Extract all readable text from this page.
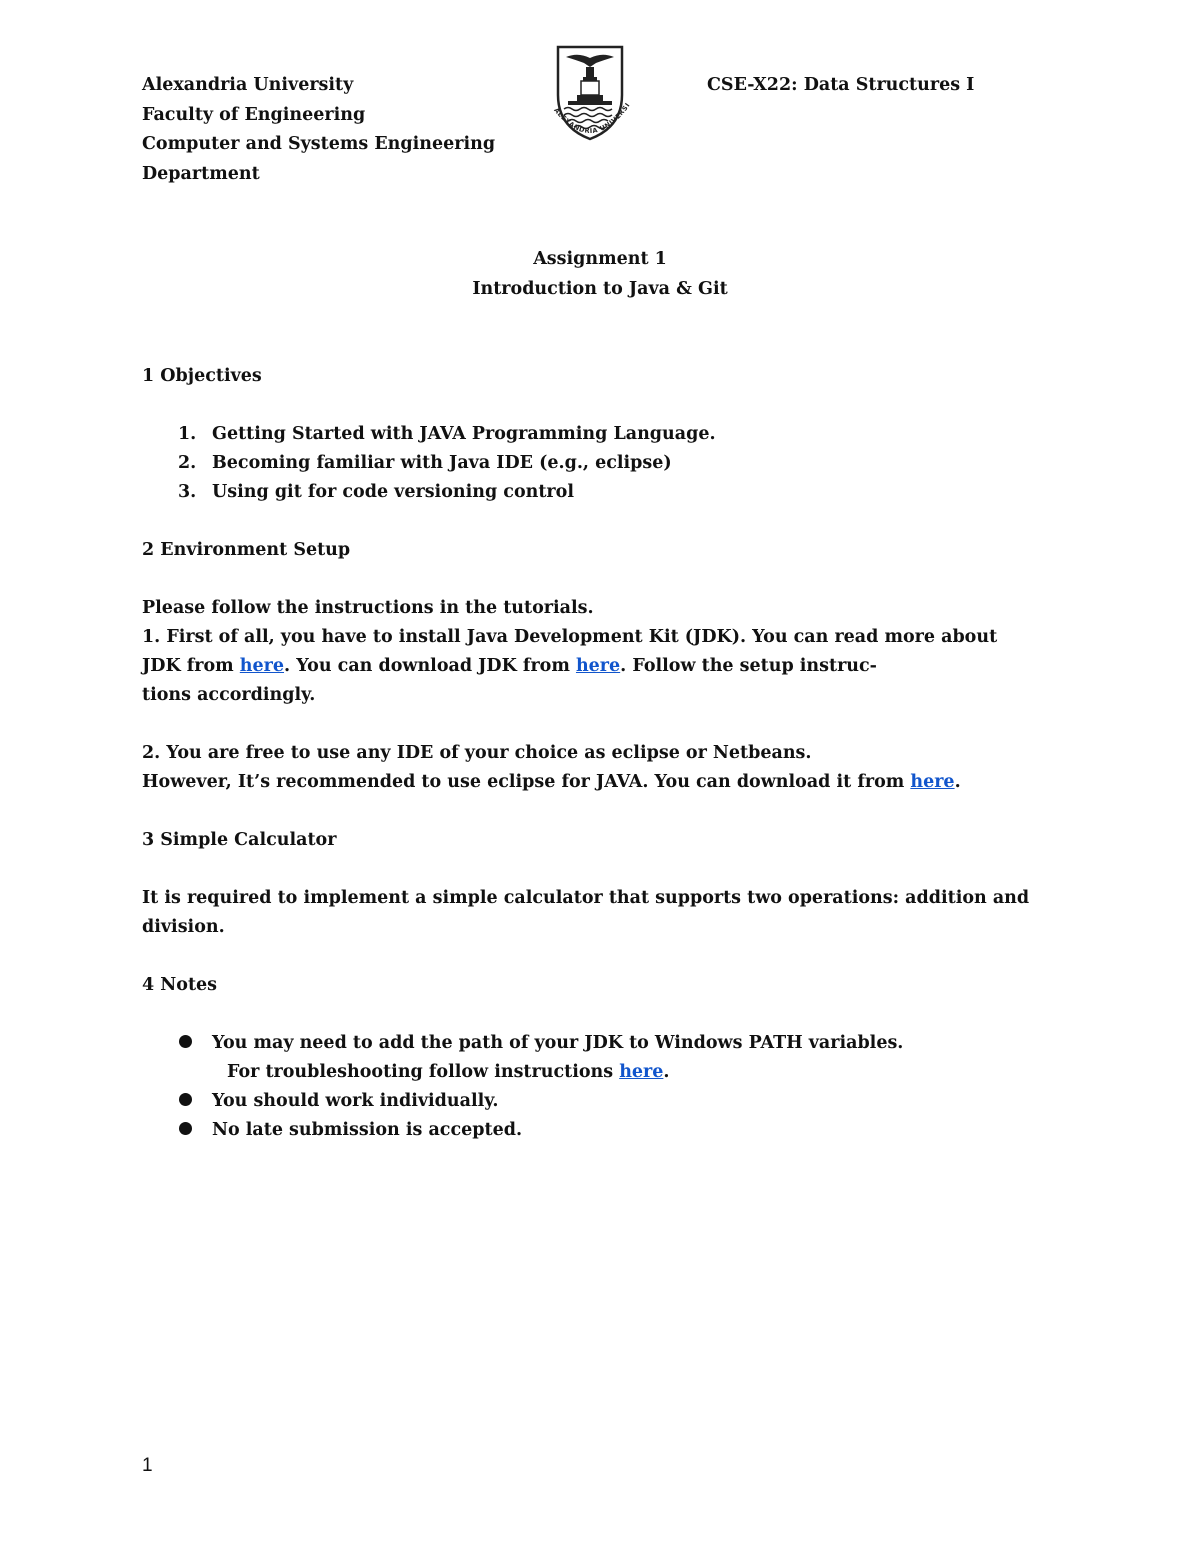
Alexandria University
Faculty of Engineering
Computer and Systems Engineering
Department
ALEXANDRIA UNIVERSI
CSE-X22: Data Structures I
Assignment 1
Introduction to Java & Git
1 Objectives
1. Getting Started with JAVA Programming Language.
2. Becoming familiar with Java IDE (e.g., eclipse)
3. Using git for code versioning control
2 Environment Setup
Please follow the instructions in the tutorials.
1. First of all, you have to install Java Development Kit (JDK). You can read more about
JDK from here. You can download JDK from here. Follow the setup instruc-
tions accordingly.
2. You are free to use any IDE of your choice as eclipse or Netbeans.
However, It’s recommended to use eclipse for JAVA. You can download it from here.
3 Simple Calculator
It is required to implement a simple calculator that supports two operations: addition and
division.
4 Notes
You may need to add the path of your JDK to Windows PATH variables.
For troubleshooting follow instructions here.
You should work individually.
No late submission is accepted.
1
